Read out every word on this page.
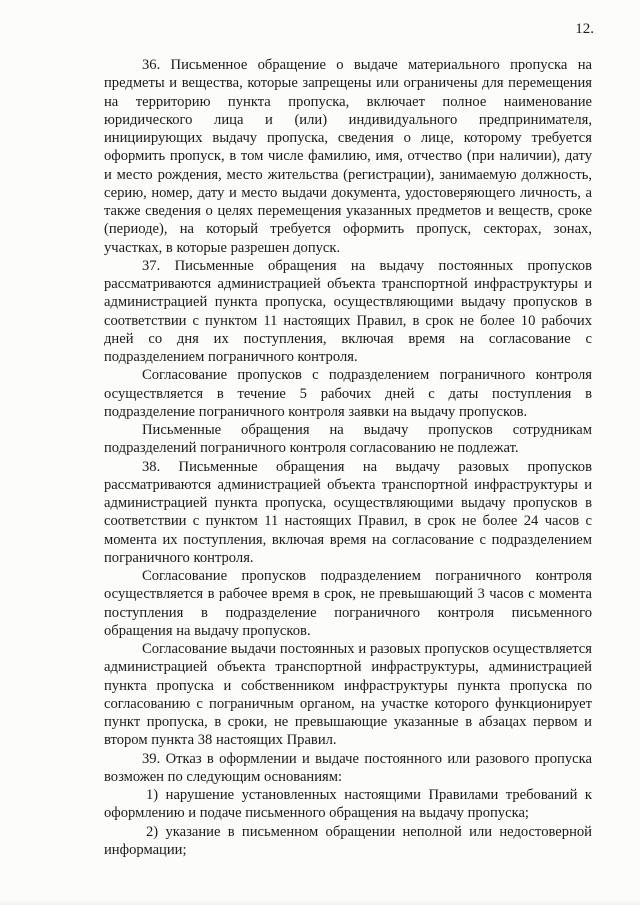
12.

36. Письменное обращение о выдаче материального пропуска на предметы и вещества, которые запрещены или ограничены для перемещения на территорию пункта пропуска, включает полное наименование юридического лица и (или) индивидуального предпринимателя, инициирующих выдачу пропуска, сведения о лице, которому требуется оформить пропуск, в том числе фамилию, имя, отчество (при наличии), дату и место рождения, место жительства (регистрации), занимаемую должность, серию, номер, дату и место выдачи документа, удостоверяющего личность, а также сведения о целях перемещения указанных предметов и веществ, сроке (периоде), на который требуется оформить пропуск, секторах, зонах, участках, в которые разрешен допуск.

37. Письменные обращения на выдачу постоянных пропусков рассматриваются администрацией объекта транспортной инфраструктуры и администрацией пункта пропуска, осуществляющими выдачу пропусков в соответствии с пунктом 11 настоящих Правил, в срок не более 10 рабочих дней со дня их поступления, включая время на согласование с подразделением пограничного контроля.

Согласование пропусков с подразделением пограничного контроля осуществляется в течение 5 рабочих дней с даты поступления в подразделение пограничного контроля заявки на выдачу пропусков.

Письменные обращения на выдачу пропусков сотрудникам подразделений пограничного контроля согласованию не подлежат.

38. Письменные обращения на выдачу разовых пропусков рассматриваются администрацией объекта транспортной инфраструктуры и администрацией пункта пропуска, осуществляющими выдачу пропусков в соответствии с пунктом 11 настоящих Правил, в срок не более 24 часов с момента их поступления, включая время на согласование с подразделением пограничного контроля.

Согласование пропусков подразделением пограничного контроля осуществляется в рабочее время в срок, не превышающий 3 часов с момента поступления в подразделение пограничного контроля письменного обращения на выдачу пропусков.

Согласование выдачи постоянных и разовых пропусков осуществляется администрацией объекта транспортной инфраструктуры, администрацией пункта пропуска и собственником инфраструктуры пункта пропуска по согласованию с пограничным органом, на участке которого функционирует пункт пропуска, в сроки, не превышающие указанные в абзацах первом и втором пункта 38 настоящих Правил.

39. Отказ в оформлении и выдаче постоянного или разового пропуска возможен по следующим основаниям:

1) нарушение установленных настоящими Правилами требований к оформлению и подаче письменного обращения на выдачу пропуска;

2) указание в письменном обращении неполной или недостоверной информации;
